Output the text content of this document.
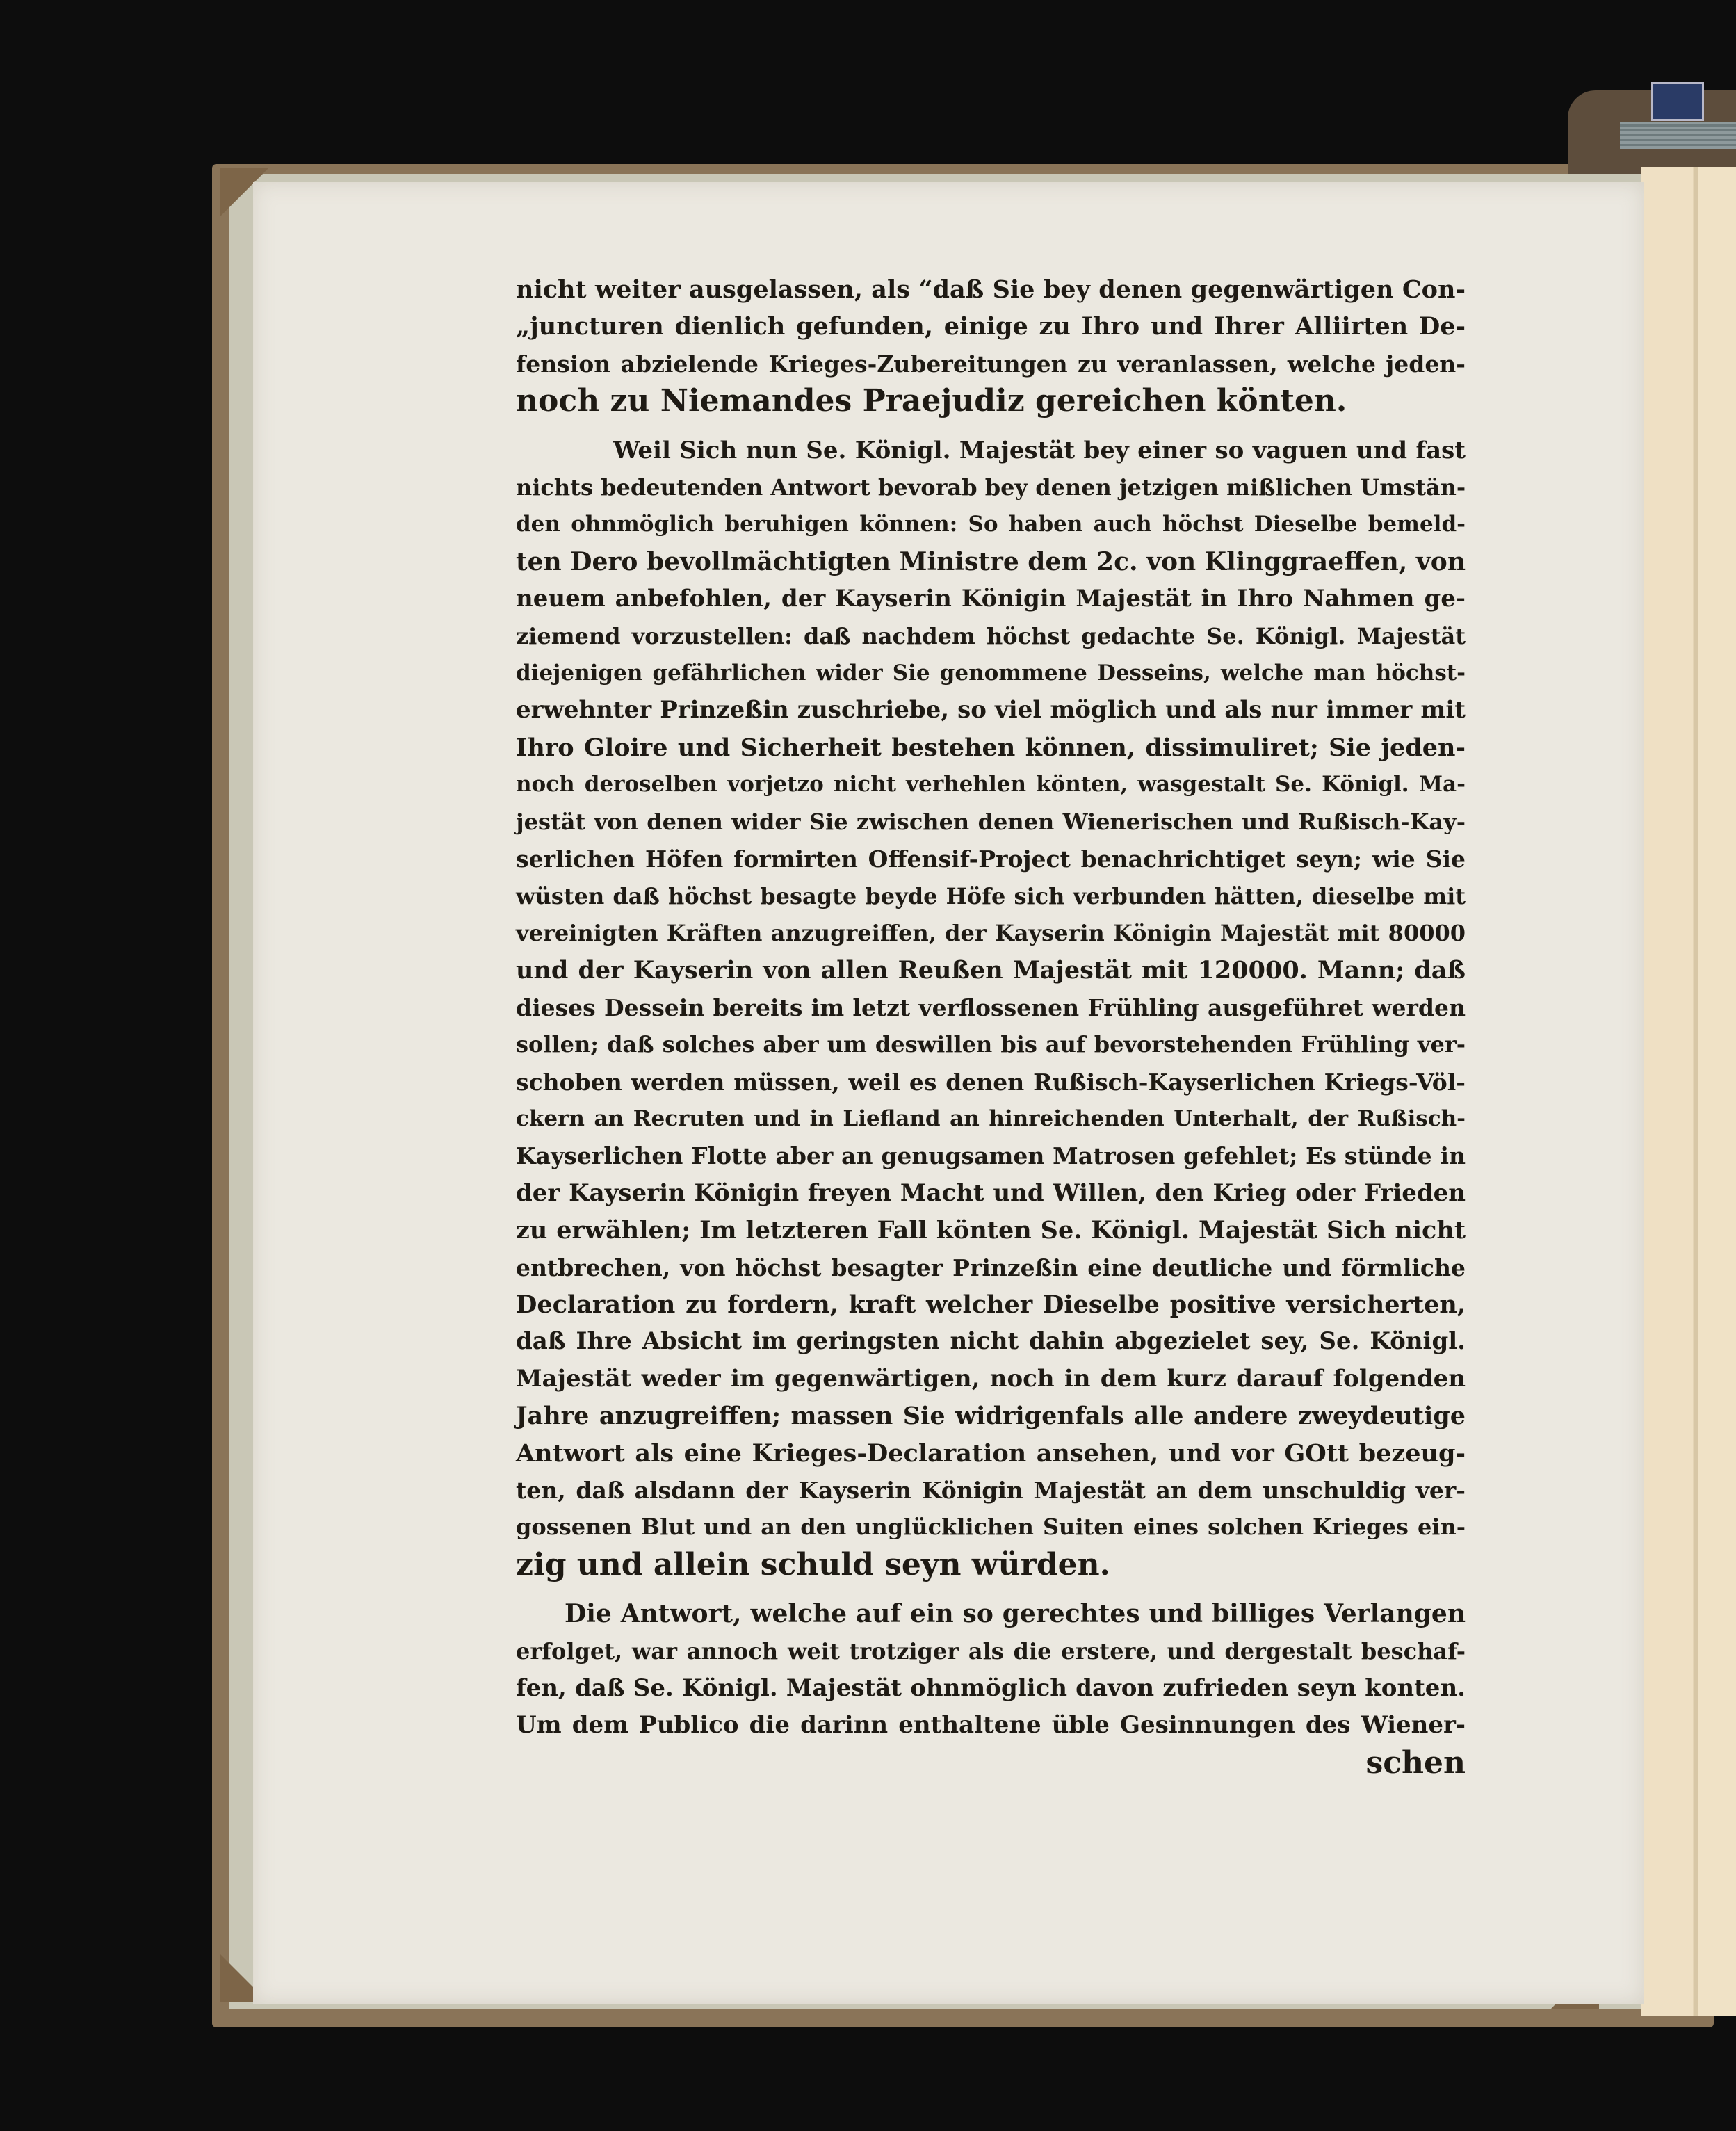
nicht weiter ausgelassen, als “daß Sie bey denen gegenwärtigen Con-
„juncturen dienlich gefunden, einige zu Ihro und Ihrer Alliirten De-
fension abzielende Krieges-Zubereitungen zu veranlassen, welche jeden-
noch zu Niemandes Praejudiz gereichen könten.
Weil Sich nun Se. Königl. Majestät bey einer so vaguen und fast
nichts bedeutenden Antwort bevorab bey denen jetzigen mißlichen Umstän-
den ohnmöglich beruhigen können: So haben auch höchst Dieselbe bemeld-
ten Dero bevollmächtigten Ministre dem 2c. von Klinggraeffen, von
neuem anbefohlen, der Kayserin Königin Majestät in Ihro Nahmen ge-
ziemend vorzustellen: daß nachdem höchst gedachte Se. Königl. Majestät
diejenigen gefährlichen wider Sie genommene Desseins, welche man höchst-
erwehnter Prinzeßin zuschriebe, so viel möglich und als nur immer mit
Ihro Gloire und Sicherheit bestehen können, dissimuliret; Sie jeden-
noch deroselben vorjetzo nicht verhehlen könten, wasgestalt Se. Königl. Ma-
jestät von denen wider Sie zwischen denen Wienerischen und Rußisch-Kay-
serlichen Höfen formirten Offensif-Project benachrichtiget seyn; wie Sie
wüsten daß höchst besagte beyde Höfe sich verbunden hätten, dieselbe mit
vereinigten Kräften anzugreiffen, der Kayserin Königin Majestät mit 80000
und der Kayserin von allen Reußen Majestät mit 120000. Mann; daß
dieses Dessein bereits im letzt verflossenen Frühling ausgeführet werden
sollen; daß solches aber um deswillen bis auf bevorstehenden Frühling ver-
schoben werden müssen, weil es denen Rußisch-Kayserlichen Kriegs-Völ-
ckern an Recruten und in Liefland an hinreichenden Unterhalt, der Rußisch-
Kayserlichen Flotte aber an genugsamen Matrosen gefehlet; Es stünde in
der Kayserin Königin freyen Macht und Willen, den Krieg oder Frieden
zu erwählen; Im letzteren Fall könten Se. Königl. Majestät Sich nicht
entbrechen, von höchst besagter Prinzeßin eine deutliche und förmliche
Declaration zu fordern, kraft welcher Dieselbe positive versicherten,
daß Ihre Absicht im geringsten nicht dahin abgezielet sey, Se. Königl.
Majestät weder im gegenwärtigen, noch in dem kurz darauf folgenden
Jahre anzugreiffen; massen Sie widrigenfals alle andere zweydeutige
Antwort als eine Krieges-Declaration ansehen, und vor GOtt bezeug-
ten, daß alsdann der Kayserin Königin Majestät an dem unschuldig ver-
gossenen Blut und an den unglücklichen Suiten eines solchen Krieges ein-
zig und allein schuld seyn würden.
Die Antwort, welche auf ein so gerechtes und billiges Verlangen
erfolget, war annoch weit trotziger als die erstere, und dergestalt beschaf-
fen, daß Se. Königl. Majestät ohnmöglich davon zufrieden seyn konten.
Um dem Publico die darinn enthaltene üble Gesinnungen des Wiener-
schen
